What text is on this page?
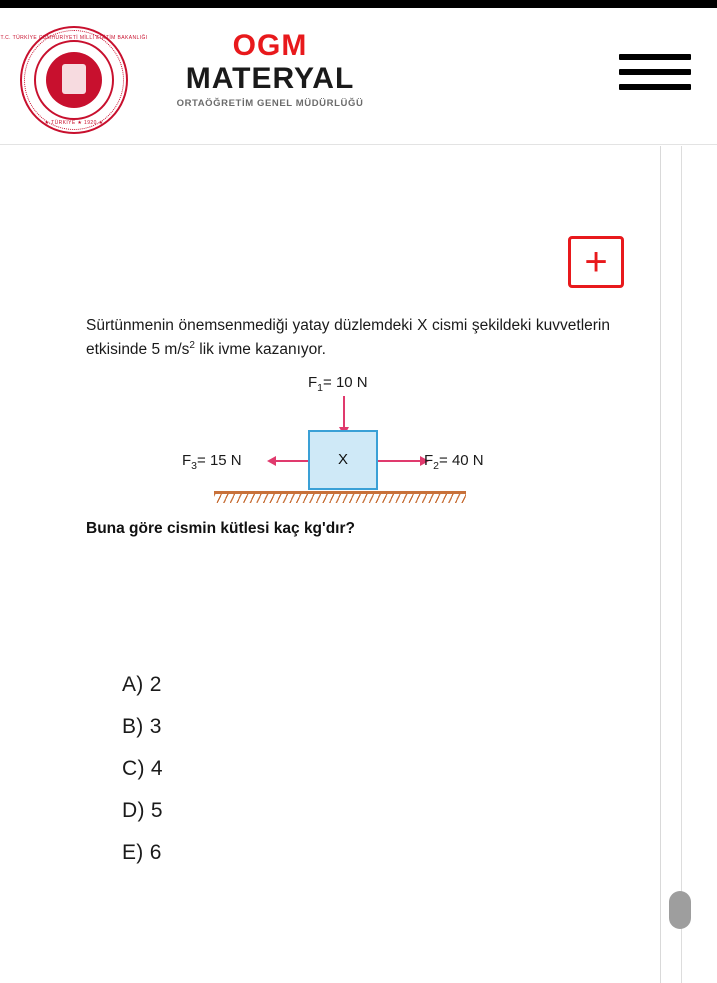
T.C. TÜRKİYE CUMHURİYETİ MİLLİ EĞİTİM BAKANLIĞI
★ TÜRKİYE ★ 1920 ★
OGM
MATERYAL
ORTAÖĞRETİM GENEL MÜDÜRLÜĞÜ
+
Sürtünmenin önemsenmediği yatay düzlemdeki X cismi şekildeki kuvvetlerin etkisinde 5 $m/s^2$ lik ivme kazanıyor.
$F_1= 10$ N
$F_3= 15$ N	X	$F_2= 40$ N
Buna göre cismin kütlesi kaç kg'dır?
A) 2
B) 3
C) 4
D) 5
E) 6
